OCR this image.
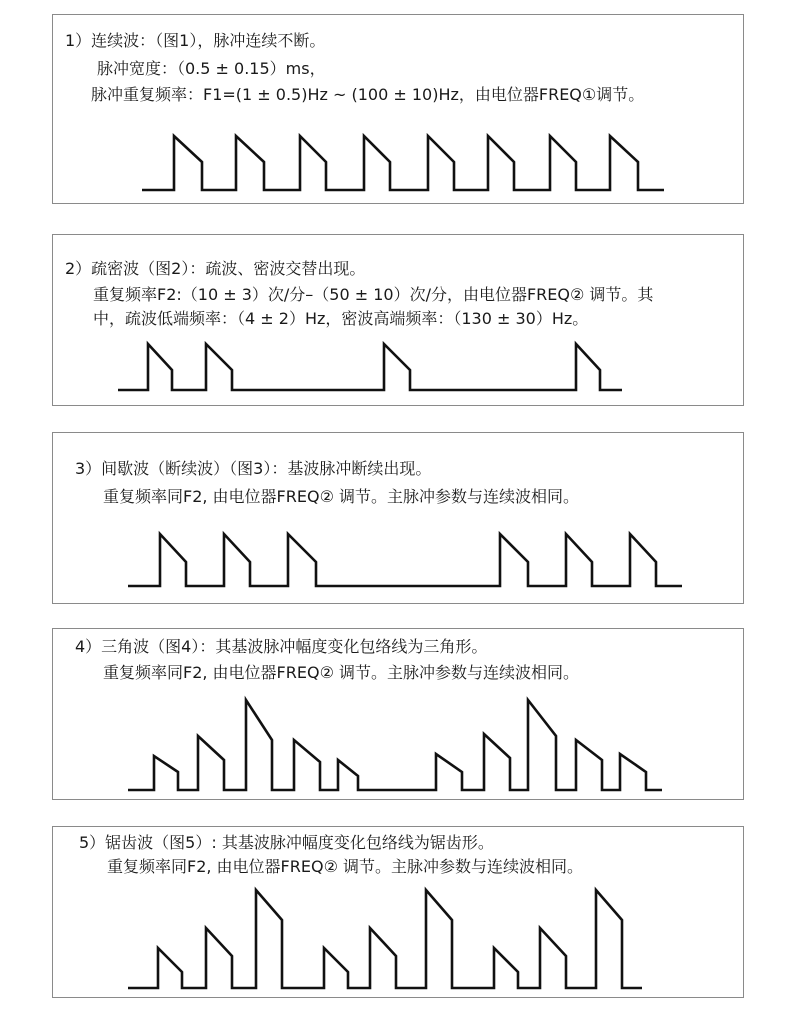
1）连续波：（图1），脉冲连续不断。
脉冲宽度：（0.5 ± 0.15）ms，
脉冲重复频率：F1=(1 ± 0.5)Hz ~ (100 ± 10)Hz，由电位器FREQ①调节。
2）疏密波（图2）：疏波、密波交替出现。
重复频率F2:（10 ± 3）次/分–（50 ± 10）次/分，由电位器FREQ② 调节。其
中，疏波低端频率：（4 ± 2）Hz，密波高端频率：（130 ± 30）Hz。
3）间歇波（断续波）（图3）：基波脉冲断续出现。
重复频率同F2, 由电位器FREQ② 调节。主脉冲参数与连续波相同。
4）三角波（图4）：其基波脉冲幅度变化包络线为三角形。
重复频率同F2, 由电位器FREQ② 调节。主脉冲参数与连续波相同。
5）锯齿波（图5）: 其基波脉冲幅度变化包络线为锯齿形。
重复频率同F2, 由电位器FREQ② 调节。主脉冲参数与连续波相同。
